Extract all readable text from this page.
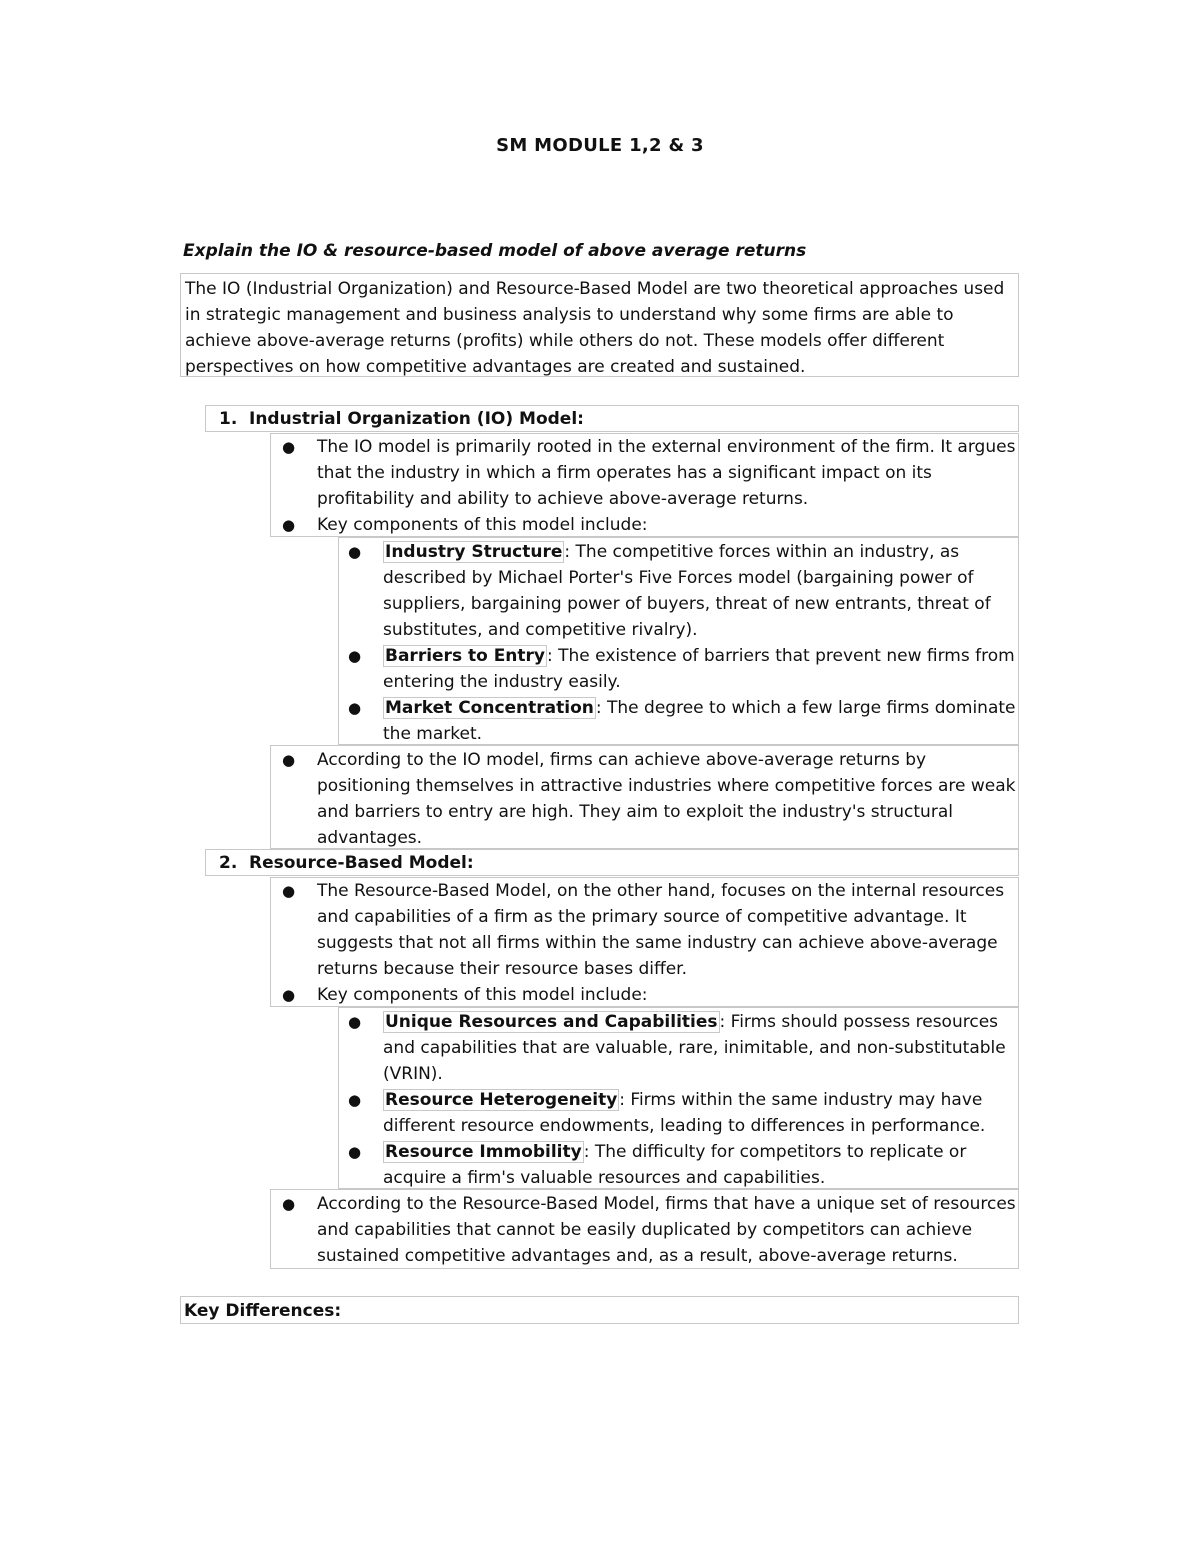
SM MODULE 1,2 & 3
Explain the IO & resource-based model of above average returns
The IO (Industrial Organization) and Resource-Based Model are two theoretical approaches used in strategic management and business analysis to understand why some firms are able to achieve above-average returns (profits) while others do not. These models offer different perspectives on how competitive advantages are created and sustained.
1. Industrial Organization (IO) Model:
● The IO model is primarily rooted in the external environment of the firm. It argues that the industry in which a firm operates has a significant impact on its profitability and ability to achieve above-average returns.
● Key components of this model include:
● Industry Structure : The competitive forces within an industry, as described by Michael Porter's Five Forces model (bargaining power of suppliers, bargaining power of buyers, threat of new entrants, threat of substitutes, and competitive rivalry).
● Barriers to Entry : The existence of barriers that prevent new firms from entering the industry easily.
● Market Concentration : The degree to which a few large firms dominate the market.
● According to the IO model, firms can achieve above-average returns by positioning themselves in attractive industries where competitive forces are weak and barriers to entry are high. They aim to exploit the industry's structural advantages.
2. Resource-Based Model:
● The Resource-Based Model, on the other hand, focuses on the internal resources and capabilities of a firm as the primary source of competitive advantage. It suggests that not all firms within the same industry can achieve above-average returns because their resource bases differ.
● Key components of this model include:
● Unique Resources and Capabilities : Firms should possess resources and capabilities that are valuable, rare, inimitable, and non-substitutable (VRIN).
● Resource Heterogeneity : Firms within the same industry may have different resource endowments, leading to differences in performance.
● Resource Immobility : The difficulty for competitors to replicate or acquire a firm's valuable resources and capabilities.
● According to the Resource-Based Model, firms that have a unique set of resources and capabilities that cannot be easily duplicated by competitors can achieve sustained competitive advantages and, as a result, above-average returns.
Key Differences:
